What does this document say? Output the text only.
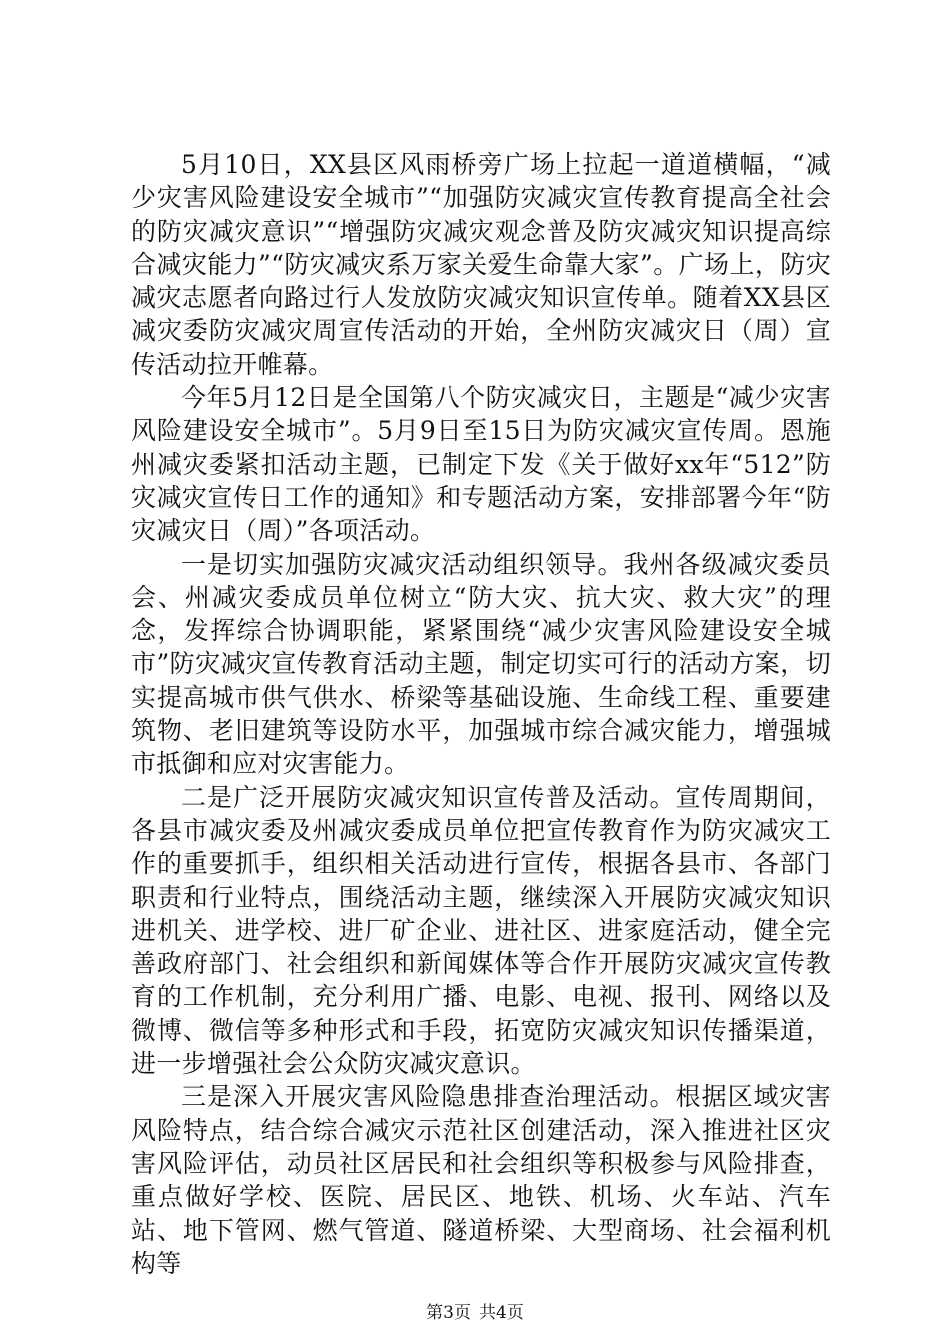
5月10日，XX县区风雨桥旁广场上拉起一道道横幅，“减少灾害风险建设安全城市”“加强防灾减灾宣传教育提高全社会的防灾减灾意识”“增强防灾减灾观念普及防灾减灾知识提高综合减灾能力”“防灾减灾系万家关爱生命靠大家”。广场上，防灾减灾志愿者向路过行人发放防灾减灾知识宣传单。随着XX县区减灾委防灾减灾周宣传活动的开始，全州防灾减灾日（周）宣传活动拉开帷幕。

今年5月12日是全国第八个防灾减灾日，主题是“减少灾害风险建设安全城市”。5月9日至15日为防灾减灾宣传周。恩施州减灾委紧扣活动主题，已制定下发《关于做好xx年“512”防灾减灾宣传日工作的通知》和专题活动方案，安排部署今年“防灾减灾日（周）”各项活动。

一是切实加强防灾减灾活动组织领导。我州各级减灾委员会、州减灾委成员单位树立“防大灾、抗大灾、救大灾”的理念，发挥综合协调职能，紧紧围绕“减少灾害风险建设安全城市”防灾减灾宣传教育活动主题，制定切实可行的活动方案，切实提高城市供气供水、桥梁等基础设施、生命线工程、重要建筑物、老旧建筑等设防水平，加强城市综合减灾能力，增强城市抵御和应对灾害能力。

二是广泛开展防灾减灾知识宣传普及活动。宣传周期间，各县市减灾委及州减灾委成员单位把宣传教育作为防灾减灾工作的重要抓手，组织相关活动进行宣传，根据各县市、各部门职责和行业特点，围绕活动主题，继续深入开展防灾减灾知识进机关、进学校、进厂矿企业、进社区、进家庭活动，健全完善政府部门、社会组织和新闻媒体等合作开展防灾减灾宣传教育的工作机制，充分利用广播、电影、电视、报刊、网络以及微博、微信等多种形式和手段，拓宽防灾减灾知识传播渠道，进一步增强社会公众防灾减灾意识。

三是深入开展灾害风险隐患排查治理活动。根据区域灾害风险特点，结合综合减灾示范社区创建活动，深入推进社区灾害风险评估，动员社区居民和社会组织等积极参与风险排查，重点做好学校、医院、居民区、地铁、机场、火车站、汽车站、地下管网、燃气管道、隧道桥梁、大型商场、社会福利机构等

第3页 共4页
